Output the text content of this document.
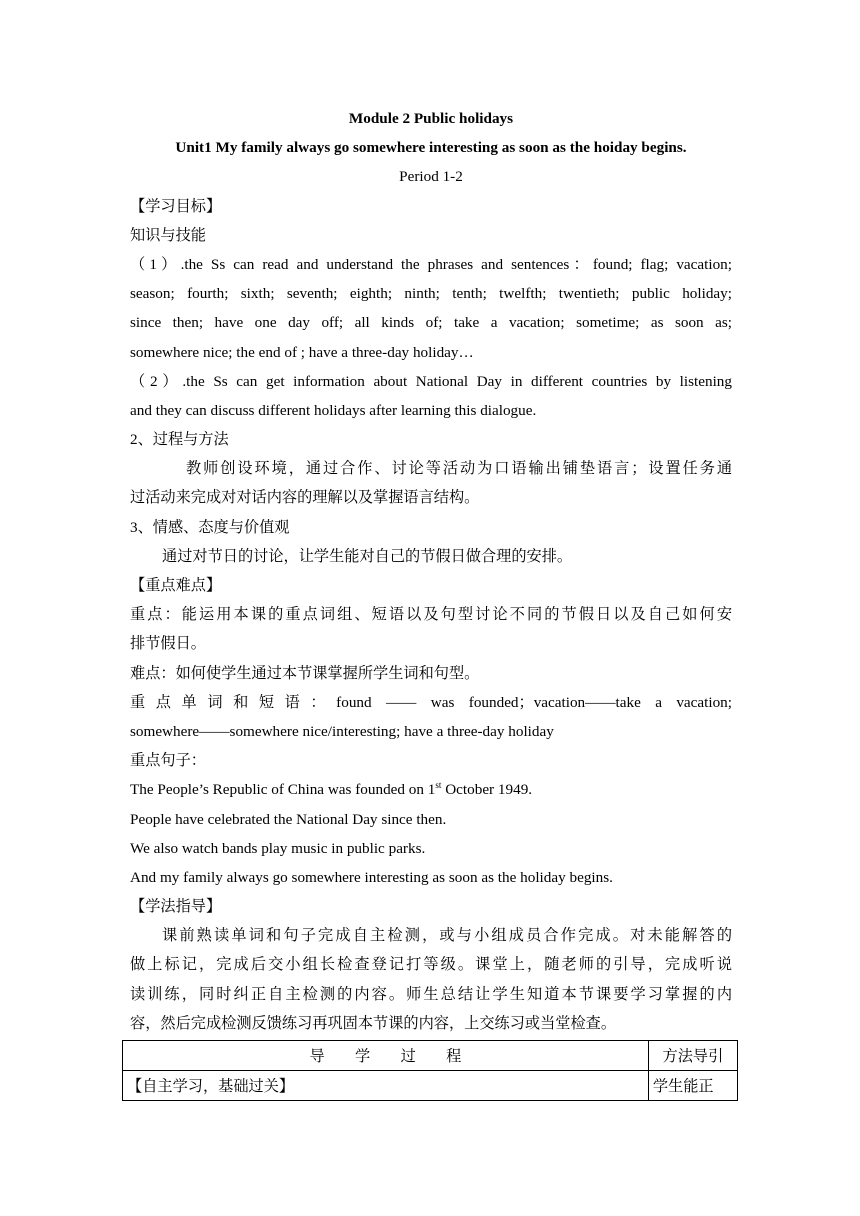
Module 2 Public holidays
Unit1 My family always go somewhere interesting as soon as the hoiday begins.
Period 1-2
【学习目标】
知识与技能
（1）.the Ss can read and understand the phrases and sentences：found; flag; vacation;
season; fourth; sixth; seventh; eighth; ninth; tenth; twelfth; twentieth; public holiday;
since then; have one day off; all kinds of; take a vacation; sometime; as soon as;
somewhere nice; the end of ; have a three-day holiday…
（2）.the Ss can get information about National Day in different countries by listening
and they can discuss different holidays after learning this dialogue.
2、过程与方法
教师创设环境，通过合作、讨论等活动为口语输出铺垫语言；设置任务通
过活动来完成对对话内容的理解以及掌握语言结构。
3、情感、态度与价值观
通过对节日的讨论，让学生能对自己的节假日做合理的安排。
【重点难点】
重点：能运用本课的重点词组、短语以及句型讨论不同的节假日以及自己如何安
排节假日。
难点：如何使学生通过本节课掌握所学生词和句型。
重点单词和短语：found —— was founded；vacation——take a vacation;
somewhere——somewhere nice/interesting; have a three-day holiday
重点句子：
The People’s Republic of China was founded on 1st October 1949.
People have celebrated the National Day since then.
We also watch bands play music in public parks.
And my family always go somewhere interesting as soon as the holiday begins.
【学法指导】
课前熟读单词和句子完成自主检测，或与小组成员合作完成。对未能解答的
做上标记，完成后交小组长检查登记打等级。课堂上，随老师的引导，完成听说
读训练，同时纠正自主检测的内容。师生总结让学生知道本节课要学习掌握的内
容，然后完成检测反馈练习再巩固本节课的内容，上交练习或当堂检查。
导　　学　　过　　程	方法导引
【自主学习，基础过关】	学生能正
